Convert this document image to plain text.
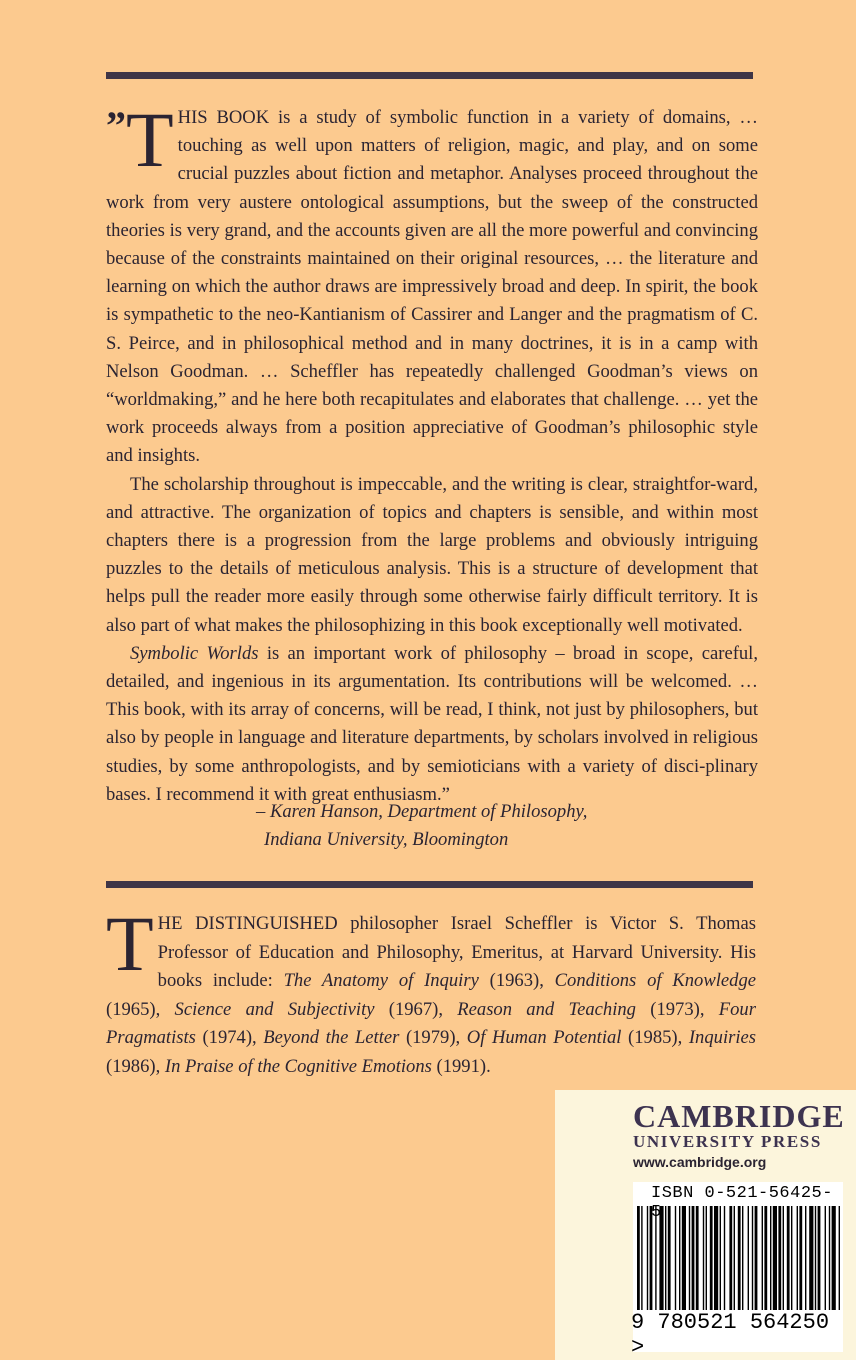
” T HIS BOOK is a study of symbolic function in a variety of domains, … touching as well upon matters of religion, magic, and play, and on some crucial puzzles about fiction and metaphor. Analyses proceed throughout the work from very austere ontological assumptions, but the sweep of the constructed theories is very grand, and the accounts given are all the more powerful and convincing because of the constraints maintained on their original resources, … the literature and learning on which the author draws are impressively broad and deep. In spirit, the book is sympathetic to the neo-Kantianism of Cassirer and Langer and the pragmatism of C. S. Peirce, and in philosophical method and in many doctrines, it is in a camp with Nelson Goodman. … Scheffler has repeatedly challenged Goodman’s views on “worldmaking,” and he here both recapitulates and elaborates that challenge. … yet the work proceeds always from a position appreciative of Goodman’s philosophic style and insights.

The scholarship throughout is impeccable, and the writing is clear, straightfor-ward, and attractive. The organization of topics and chapters is sensible, and within most chapters there is a progression from the large problems and obviously intriguing puzzles to the details of meticulous analysis. This is a structure of development that helps pull the reader more easily through some otherwise fairly difficult territory. It is also part of what makes the philosophizing in this book exceptionally well motivated.

Symbolic Worlds is an important work of philosophy – broad in scope, careful, detailed, and ingenious in its argumentation. Its contributions will be welcomed. … This book, with its array of concerns, will be read, I think, not just by philosophers, but also by people in language and literature departments, by scholars involved in religious studies, by some anthropologists, and by semioticians with a variety of disci-plinary bases. I recommend it with great enthusiasm.”

– Karen Hanson, Department of Philosophy,
Indiana University, Bloomington
THE DISTINGUISHED philosopher Israel Scheffler is Victor S. Thomas Professor of Education and Philosophy, Emeritus, at Harvard University. His books include: The Anatomy of Inquiry (1963), Conditions of Knowledge (1965), Science and Subjectivity (1967), Reason and Teaching (1973), Four Pragmatists (1974), Beyond the Letter (1979), Of Human Potential (1985), Inquiries (1986), In Praise of the Cognitive Emotions (1991).
CAMBRIDGE
UNIVERSITY PRESS
www.cambridge.org
ISBN 0-521-56425-5
9 780521 564250 >
